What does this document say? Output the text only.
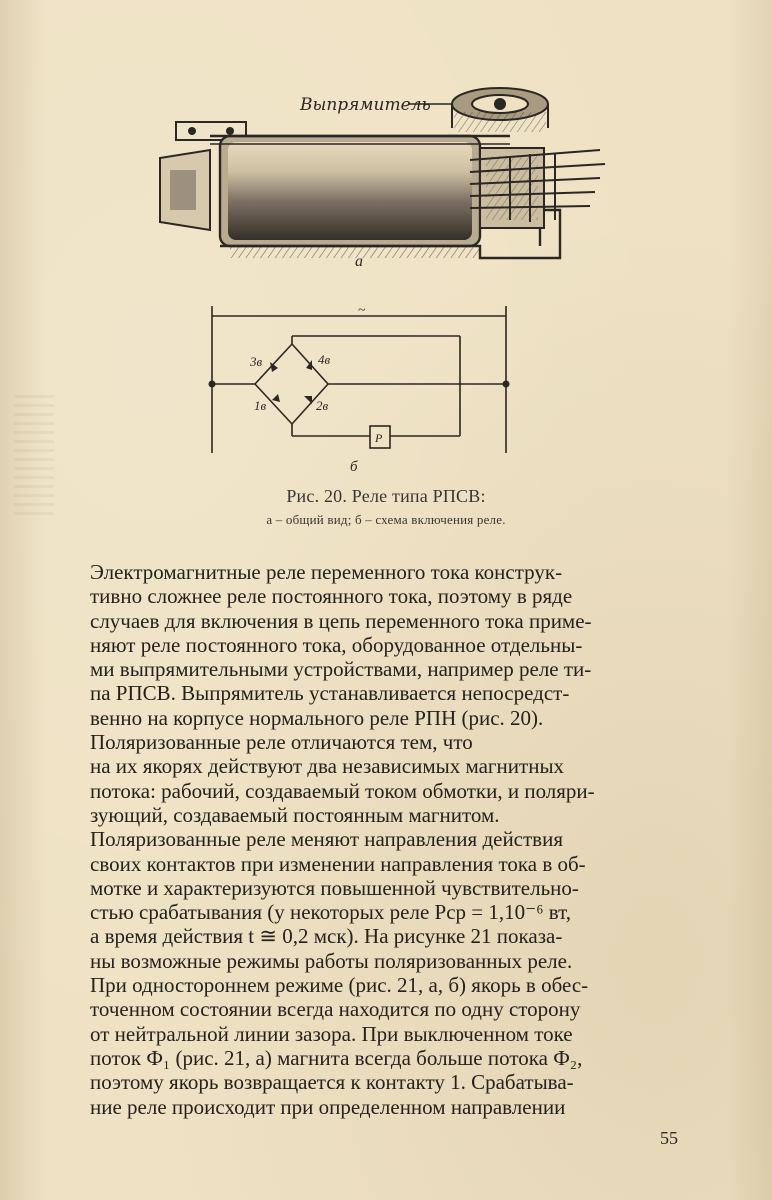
Выпрямитель
а
3в	4в
1в	2в
Р
~
б
Рис. 20. Реле типа РПСВ:
а – общий вид; б – схема включения реле.
Электромагнитные реле переменного тока конструк-
тивно сложнее реле постоянного тока, поэтому в ряде
случаев для включения в цепь переменного тока приме-
няют реле постоянного тока, оборудованное отдельны-
ми выпрямительными устройствами, например реле ти-
па РПСВ. Выпрямитель устанавливается непосредст-
венно на корпусе нормального реле РПН (рис. 20).
Поляризованные реле отличаются тем, что
на их якорях действуют два независимых магнитных
потока: рабочий, создаваемый током обмотки, и поляри-
зующий, создаваемый постоянным магнитом.
Поляризованные реле меняют направления действия
своих контактов при изменении направления тока в об-
мотке и характеризуются повышенной чувствительно-
стью срабатывания (у некоторых реле Pср = 1,10⁻⁶ вт,
а время действия t ≅ 0,2 мск). На рисунке 21 показа-
ны возможные режимы работы поляризованных реле.
При одностороннем режиме (рис. 21, а, б) якорь в обес-
точенном состоянии всегда находится по одну сторону
от нейтральной линии зазора. При выключенном токе
поток Ф₁ (рис. 21, а) магнита всегда больше потока Ф₂,
поэтому якорь возвращается к контакту 1. Срабатыва-
ние реле происходит при определенном направлении
55
